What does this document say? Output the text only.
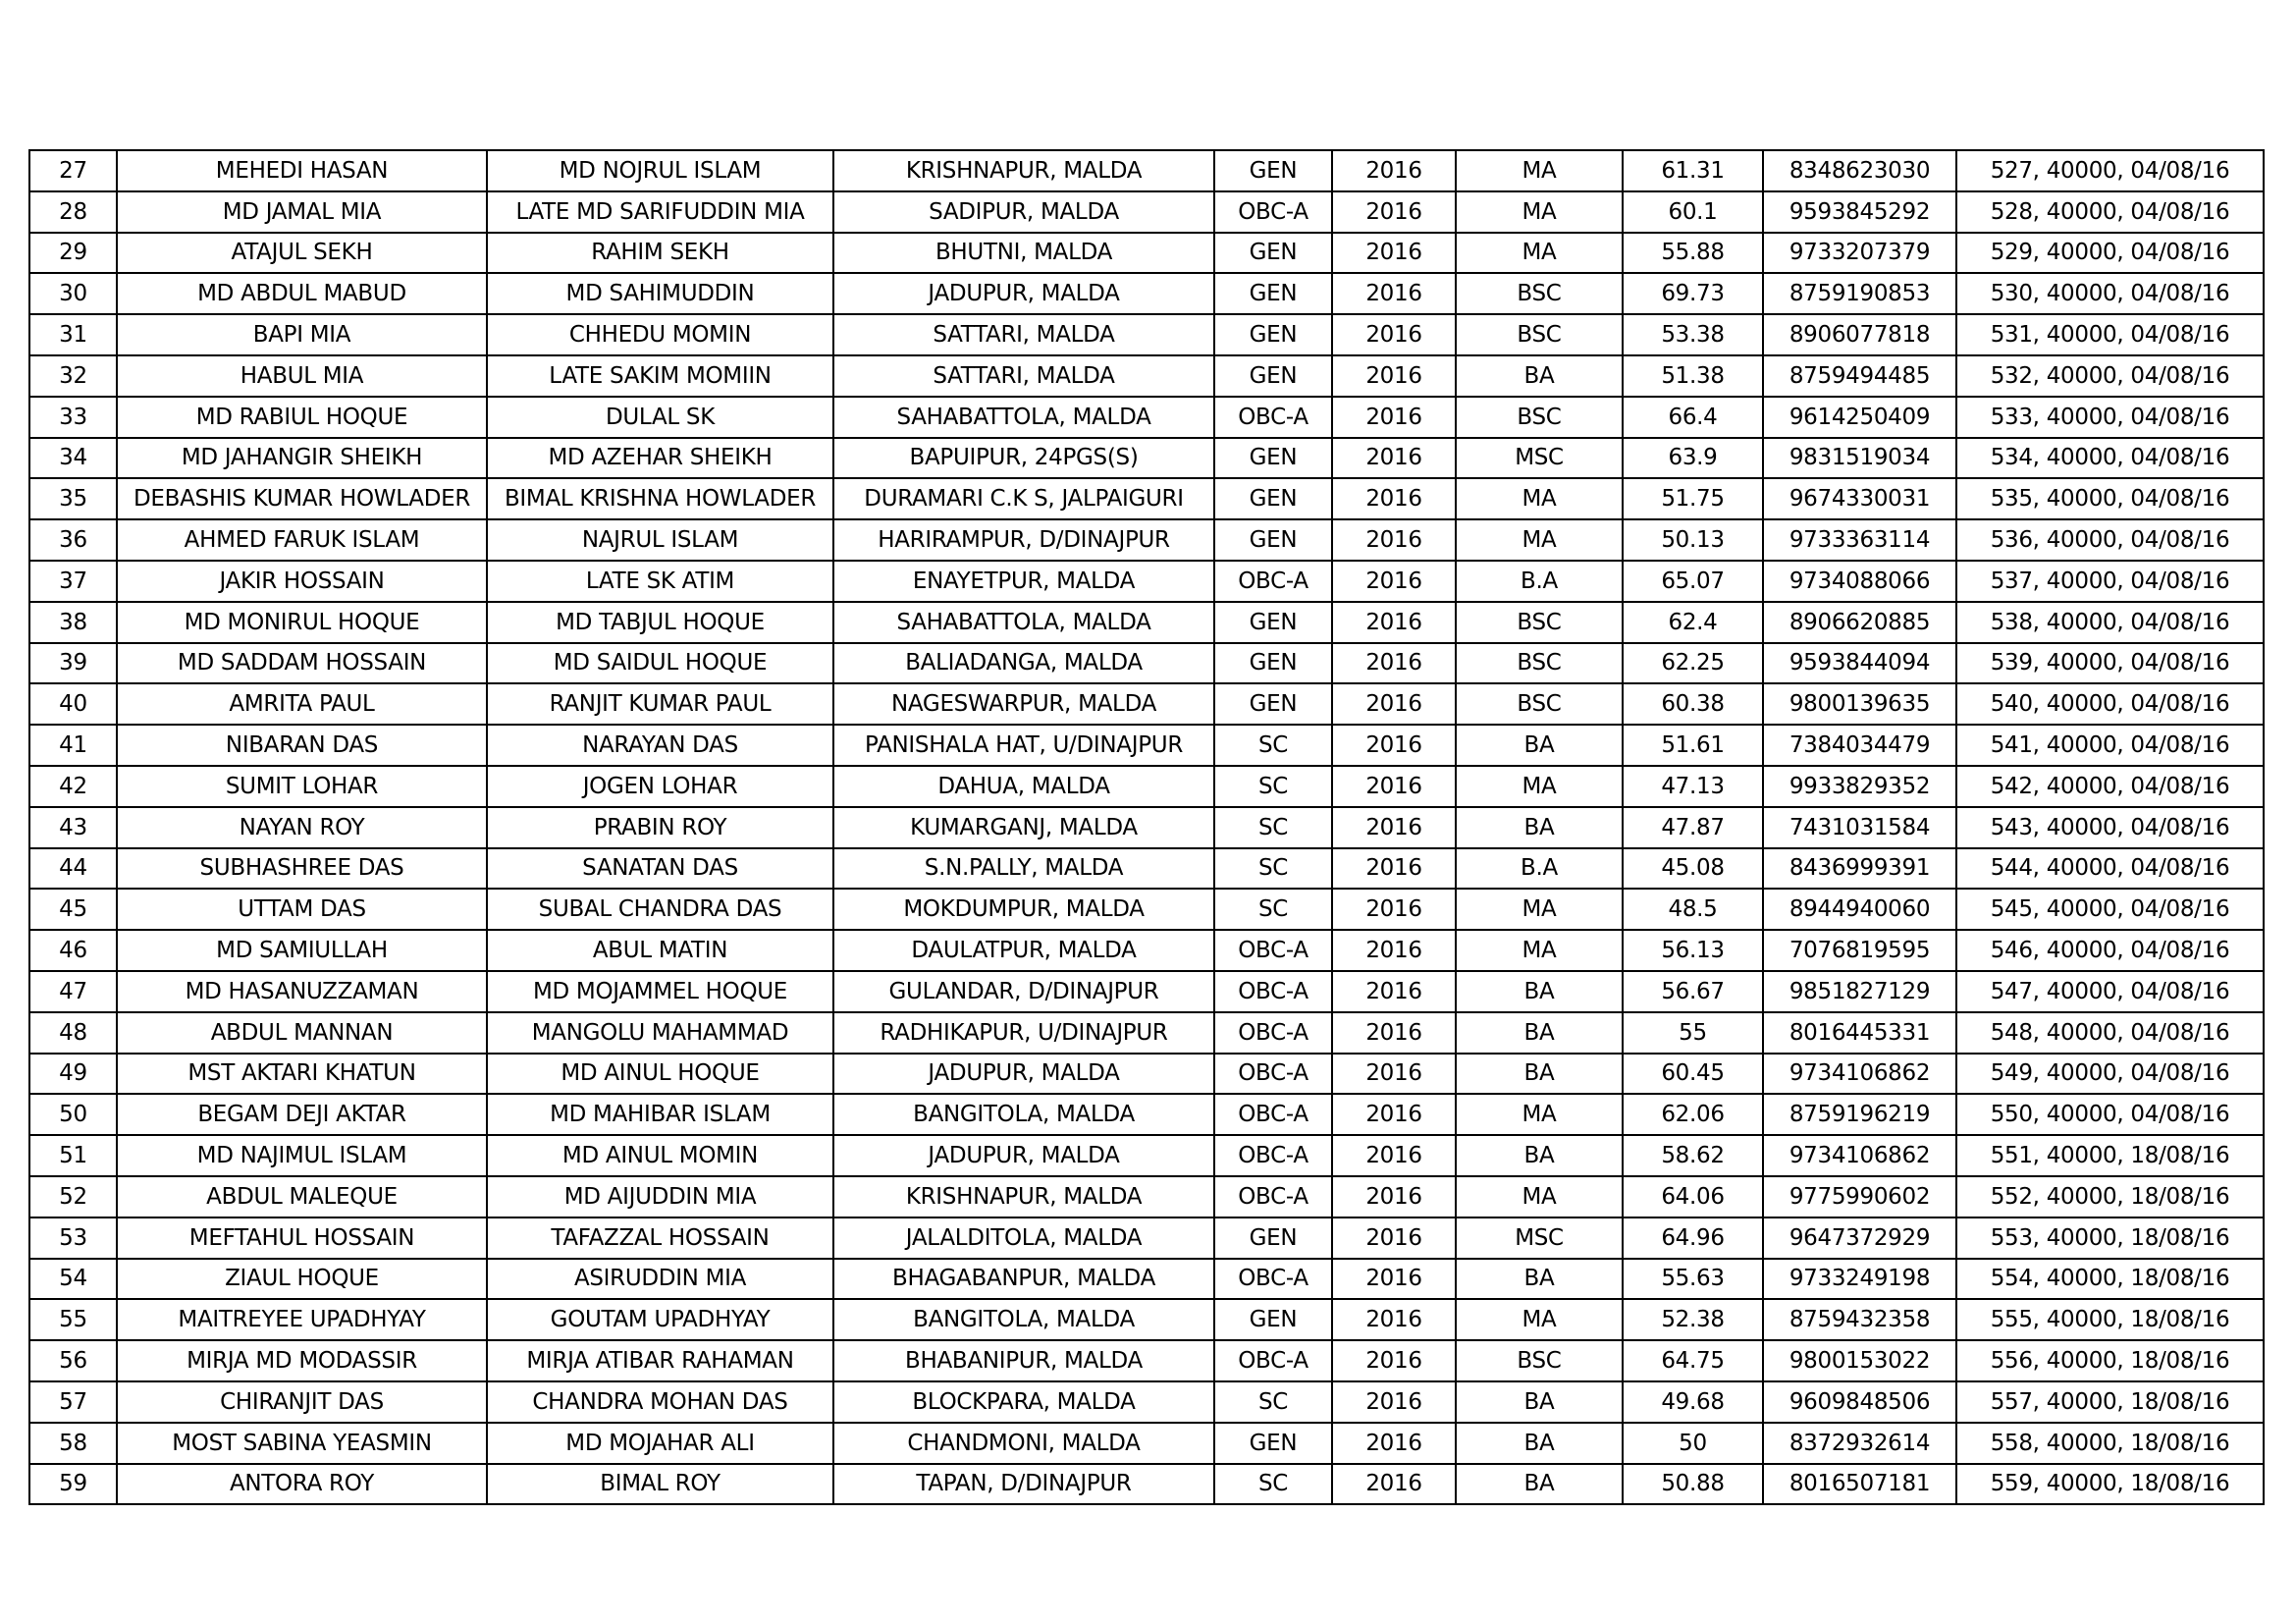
27	MEHEDI HASAN	MD NOJRUL ISLAM	KRISHNAPUR, MALDA	GEN	2016	MA	61.31	8348623030	527, 40000, 04/08/16
28	MD JAMAL MIA	LATE MD SARIFUDDIN MIA	SADIPUR, MALDA	OBC-A	2016	MA	60.1	9593845292	528, 40000, 04/08/16
29	ATAJUL SEKH	RAHIM SEKH	BHUTNI, MALDA	GEN	2016	MA	55.88	9733207379	529, 40000, 04/08/16
30	MD ABDUL MABUD	MD SAHIMUDDIN	JADUPUR, MALDA	GEN	2016	BSC	69.73	8759190853	530, 40000, 04/08/16
31	BAPI MIA	CHHEDU MOMIN	SATTARI, MALDA	GEN	2016	BSC	53.38	8906077818	531, 40000, 04/08/16
32	HABUL MIA	LATE SAKIM MOMIIN	SATTARI, MALDA	GEN	2016	BA	51.38	8759494485	532, 40000, 04/08/16
33	MD RABIUL HOQUE	DULAL SK	SAHABATTOLA, MALDA	OBC-A	2016	BSC	66.4	9614250409	533, 40000, 04/08/16
34	MD JAHANGIR SHEIKH	MD AZEHAR SHEIKH	BAPUIPUR, 24PGS(S)	GEN	2016	MSC	63.9	9831519034	534, 40000, 04/08/16
35	DEBASHIS KUMAR HOWLADER	BIMAL KRISHNA HOWLADER	DURAMARI C.K S, JALPAIGURI	GEN	2016	MA	51.75	9674330031	535, 40000, 04/08/16
36	AHMED FARUK ISLAM	NAJRUL ISLAM	HARIRAMPUR, D/DINAJPUR	GEN	2016	MA	50.13	9733363114	536, 40000, 04/08/16
37	JAKIR HOSSAIN	LATE SK ATIM	ENAYETPUR, MALDA	OBC-A	2016	B.A	65.07	9734088066	537, 40000, 04/08/16
38	MD MONIRUL HOQUE	MD TABJUL HOQUE	SAHABATTOLA, MALDA	GEN	2016	BSC	62.4	8906620885	538, 40000, 04/08/16
39	MD SADDAM HOSSAIN	MD SAIDUL HOQUE	BALIADANGA, MALDA	GEN	2016	BSC	62.25	9593844094	539, 40000, 04/08/16
40	AMRITA PAUL	RANJIT KUMAR PAUL	NAGESWARPUR, MALDA	GEN	2016	BSC	60.38	9800139635	540, 40000, 04/08/16
41	NIBARAN DAS	NARAYAN DAS	PANISHALA HAT, U/DINAJPUR	SC	2016	BA	51.61	7384034479	541, 40000, 04/08/16
42	SUMIT LOHAR	JOGEN LOHAR	DAHUA, MALDA	SC	2016	MA	47.13	9933829352	542, 40000, 04/08/16
43	NAYAN ROY	PRABIN ROY	KUMARGANJ, MALDA	SC	2016	BA	47.87	7431031584	543, 40000, 04/08/16
44	SUBHASHREE DAS	SANATAN DAS	S.N.PALLY, MALDA	SC	2016	B.A	45.08	8436999391	544, 40000, 04/08/16
45	UTTAM DAS	SUBAL CHANDRA DAS	MOKDUMPUR, MALDA	SC	2016	MA	48.5	8944940060	545, 40000, 04/08/16
46	MD SAMIULLAH	ABUL MATIN	DAULATPUR, MALDA	OBC-A	2016	MA	56.13	7076819595	546, 40000, 04/08/16
47	MD HASANUZZAMAN	MD MOJAMMEL HOQUE	GULANDAR, D/DINAJPUR	OBC-A	2016	BA	56.67	9851827129	547, 40000, 04/08/16
48	ABDUL MANNAN	MANGOLU MAHAMMAD	RADHIKAPUR, U/DINAJPUR	OBC-A	2016	BA	55	8016445331	548, 40000, 04/08/16
49	MST AKTARI KHATUN	MD AINUL HOQUE	JADUPUR, MALDA	OBC-A	2016	BA	60.45	9734106862	549, 40000, 04/08/16
50	BEGAM DEJI AKTAR	MD MAHIBAR ISLAM	BANGITOLA, MALDA	OBC-A	2016	MA	62.06	8759196219	550, 40000, 04/08/16
51	MD NAJIMUL ISLAM	MD AINUL MOMIN	JADUPUR, MALDA	OBC-A	2016	BA	58.62	9734106862	551, 40000, 18/08/16
52	ABDUL MALEQUE	MD AIJUDDIN MIA	KRISHNAPUR, MALDA	OBC-A	2016	MA	64.06	9775990602	552, 40000, 18/08/16
53	MEFTAHUL HOSSAIN	TAFAZZAL HOSSAIN	JALALDITOLA, MALDA	GEN	2016	MSC	64.96	9647372929	553, 40000, 18/08/16
54	ZIAUL HOQUE	ASIRUDDIN MIA	BHAGABANPUR, MALDA	OBC-A	2016	BA	55.63	9733249198	554, 40000, 18/08/16
55	MAITREYEE UPADHYAY	GOUTAM UPADHYAY	BANGITOLA, MALDA	GEN	2016	MA	52.38	8759432358	555, 40000, 18/08/16
56	MIRJA MD MODASSIR	MIRJA ATIBAR RAHAMAN	BHABANIPUR, MALDA	OBC-A	2016	BSC	64.75	9800153022	556, 40000, 18/08/16
57	CHIRANJIT DAS	CHANDRA MOHAN DAS	BLOCKPARA, MALDA	SC	2016	BA	49.68	9609848506	557, 40000, 18/08/16
58	MOST SABINA YEASMIN	MD MOJAHAR ALI	CHANDMONI, MALDA	GEN	2016	BA	50	8372932614	558, 40000, 18/08/16
59	ANTORA ROY	BIMAL ROY	TAPAN, D/DINAJPUR	SC	2016	BA	50.88	8016507181	559, 40000, 18/08/16
